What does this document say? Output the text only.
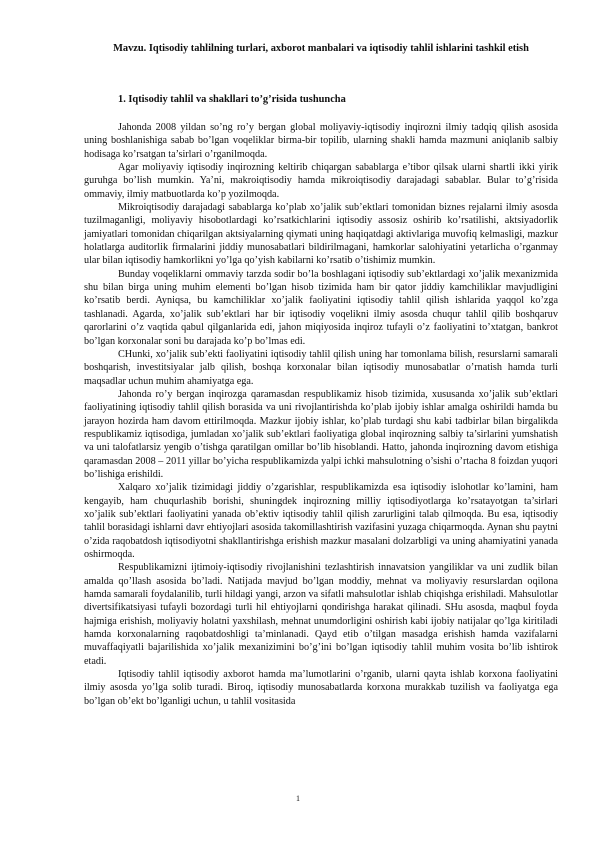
Mavzu. Iqtisodiy tahlilning turlari, axborot manbalari va iqtisodiy tahlil ishlarini tashkil etish
1. Iqtisodiy tahlil va shakllari to’g’risida tushuncha

Jahonda 2008 yildan so’ng ro’y bergan global moliyaviy-iqtisodiy inqirozni ilmiy tadqiq qilish asosida uning boshlanishiga sabab bo’lgan voqeliklar birma-bir topilib, ularning shakli hamda mazmuni aniqlanib salbiy hodisaga ko’rsatgan ta’sirlari o’rganilmoqda.

Agar moliyaviy iqtisodiy inqirozning keltirib chiqargan sabablarga e’tibor qilsak ularni shartli ikki yirik guruhga bo’lish mumkin. Ya’ni, makroiqtisodiy hamda mikroiqtisodiy darajadagi sabablar. Bular to’g’risida ommaviy, ilmiy matbuotlarda ko’p yozilmoqda.

Mikroiqtisodiy darajadagi sabablarga ko’plab xo’jalik sub’ektlari tomonidan biznes rejalarni ilmiy asosda tuzilmaganligi, moliyaviy hisobotlardagi ko’rsatkichlarini iqtisodiy assosiz oshirib ko’rsatilishi, aktsiyadorlik jamiyatlari tomonidan chiqarilgan aktsiyalarning qiymati uning haqiqatdagi aktivlariga muvofiq kelmasligi, mazkur holatlarga auditorlik firmalarini jiddiy munosabatlari bildirilmagani, hamkorlar salohiyatini yetarlicha o’rganmay ular bilan iqtisodiy hamkorlikni yo’lga qo’yish kabilarni ko’rsatib o’tishimiz mumkin.

Bunday voqeliklarni ommaviy tarzda sodir bo’la boshlagani iqtisodiy sub’ektlardagi xo’jalik mexanizmida shu bilan birga uning muhim elementi bo’lgan hisob tizimida ham bir qator jiddiy kamchiliklar mavjudligini ko’rsatib berdi. Ayniqsa, bu kamchiliklar xo’jalik faoliyatini iqtisodiy tahlil qilish ishlarida yaqqol ko’zga tashlanadi. Agarda, xo’jalik sub’ektlari har bir iqtisodiy voqelikni ilmiy asosda chuqur tahlil qilib boshqaruv qarorlarini o’z vaqtida qabul qilganlarida edi, jahon miqiyosida inqiroz tufayli o’z faoliyatini to’xtatgan, bankrot bo’lgan korxonalar soni bu darajada ko’p bo’lmas edi.

CHunki, xo’jalik sub’ekti faoliyatini iqtisodiy tahlil qilish uning har tomonlama bilish, resurslarni samarali boshqarish, investitsiyalar jalb qilish, boshqa korxonalar bilan iqtisodiy munosabatlar o’rnatish hamda turli maqsadlar uchun muhim ahamiyatga ega.

Jahonda ro’y bergan inqirozga qaramasdan respublikamiz hisob tizimida, xususanda xo’jalik sub’ektlari faoliyatining iqtisodiy tahlil qilish borasida va uni rivojlantirishda ko’plab ijobiy ishlar amalga oshirildi hamda bu jarayon hozirda ham davom ettirilmoqda. Mazkur ijobiy ishlar, ko’plab turdagi shu kabi tadbirlar bilan birgalikda respublikamiz iqtisodiga, jumladan xo’jalik sub’ektlari faoliyatiga global inqirozning salbiy ta’sirlarini yumshatish va uni talofatlarsiz yengib o’tishga qaratilgan omillar bo’lib hisoblandi. Hatto, jahonda inqirozning davom etishiga qaramasdan 2008 – 2011 yillar bo’yicha respublikamizda yalpi ichki mahsulotning o’sishi o’rtacha 8 foizdan yuqori bo’lishiga erishildi.

Xalqaro xo’jalik tizimidagi jiddiy o’zgarishlar, respublikamizda esa iqtisodiy islohotlar ko’lamini, ham kengayib, ham chuqurlashib borishi, shuningdek inqirozning milliy iqtisodiyotlarga ko’rsatayotgan ta’sirlari xo’jalik sub’ektlari faoliyatini yanada ob’ektiv iqtisodiy tahlil qilish zarurligini talab qilmoqda. Bu esa, iqtisodiy tahlil borasidagi ishlarni davr ehtiyojlari asosida takomillashtirish vazifasini yuzaga chiqarmoqda. Aynan shu paytni o’zida raqobatdosh iqtisodiyotni shakllantirishga erishish mazkur masalani dolzarbligi va uning ahamiyatini yanada oshirmoqda.

Respublikamizni ijtimoiy-iqtisodiy rivojlanishini tezlashtirish innavatsion yangiliklar va uni zudlik bilan amalda qo’llash asosida bo’ladi. Natijada mavjud bo’lgan moddiy, mehnat va moliyaviy resurslardan oqilona hamda samarali foydalanilib, turli hildagi yangi, arzon va sifatli mahsulotlar ishlab chiqishga erishiladi. Mahsulotlar divertsifikatsiyasi tufayli bozordagi turli hil ehtiyojlarni qondirishga harakat qilinadi. SHu asosda, maqbul foyda hajmiga erishish, moliyaviy holatni yaxshilash, mehnat unumdorligini oshirish kabi ijobiy natijalar qo’lga kiritiladi hamda korxonalarning raqobatdoshligi ta’minlanadi. Qayd etib o’tilgan masadga erishish hamda vazifalarni muvaffaqiyatli bajarilishida xo’jalik mexanizimini bo’g’ini bo’lgan iqtisodiy tahlil muhim vosita bo’lib ishtirok etadi.

Iqtisodiy tahlil iqtisodiy axborot hamda ma’lumotlarini o’rganib, ularni qayta ishlab korxona faoliyatini ilmiy asosda yo’lga solib turadi. Biroq, iqtisodiy munosabatlarda korxona murakkab tuzilish va faoliyatga ega bo’lgan ob’ekt bo’lganligi uchun, u tahlil vositasida

1
